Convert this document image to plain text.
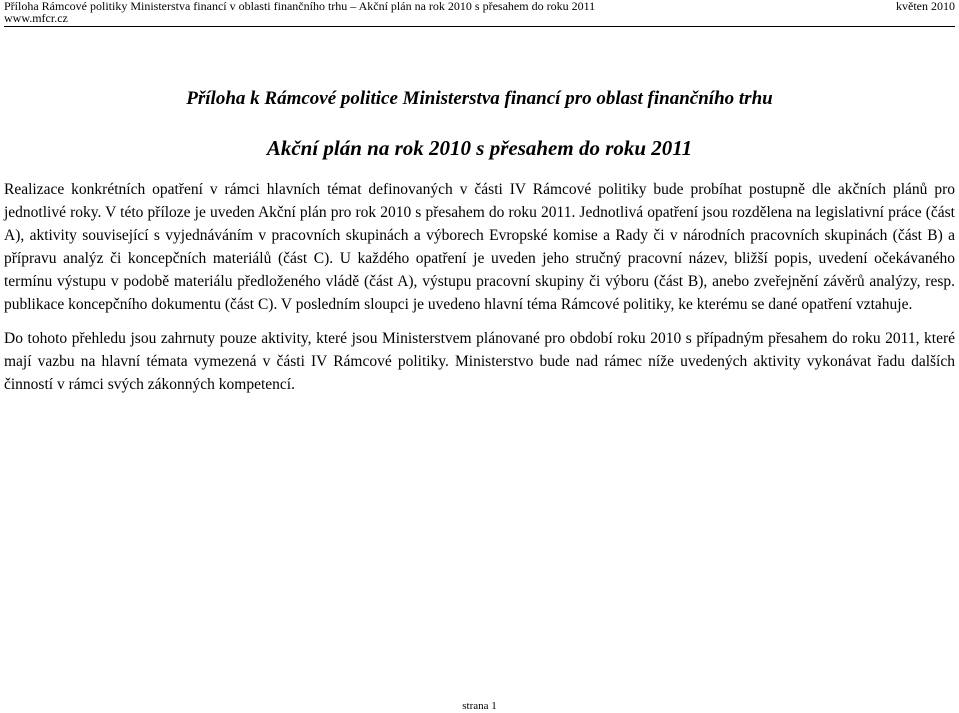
Příloha Rámcové politiky Ministerstva financí v oblasti finančního trhu – Akční plán na rok 2010 s přesahem do roku 2011
www.mfcr.cz
květen 2010
Příloha k Rámcové politice Ministerstva financí pro oblast finančního trhu
Akční plán na rok 2010 s přesahem do roku 2011

Realizace konkrétních opatření v rámci hlavních témat definovaných v části IV Rámcové politiky bude probíhat postupně dle akčních plánů pro jednotlivé roky. V této příloze je uveden Akční plán pro rok 2010 s přesahem do roku 2011. Jednotlivá opatření jsou rozdělena na legislativní práce (část A), aktivity související s vyjednáváním v pracovních skupinách a výborech Evropské komise a Rady či v národních pracovních skupinách (část B) a přípravu analýz či koncepčních materiálů (část C). U každého opatření je uveden jeho stručný pracovní název, bližší popis, uvedení očekávaného termínu výstupu v podobě materiálu předloženého vládě (část A), výstupu pracovní skupiny či výboru (část B), anebo zveřejnění závěrů analýzy, resp. publikace koncepčního dokumentu (část C). V posledním sloupci je uvedeno hlavní téma Rámcové politiky, ke kterému se dané opatření vztahuje.

Do tohoto přehledu jsou zahrnuty pouze aktivity, které jsou Ministerstvem plánované pro období roku 2010 s případným přesahem do roku 2011, které mají vazbu na hlavní témata vymezená v části IV Rámcové politiky. Ministerstvo bude nad rámec níže uvedených aktivity vykonávat řadu dalších činností v rámci svých zákonných kompetencí.

strana 1
